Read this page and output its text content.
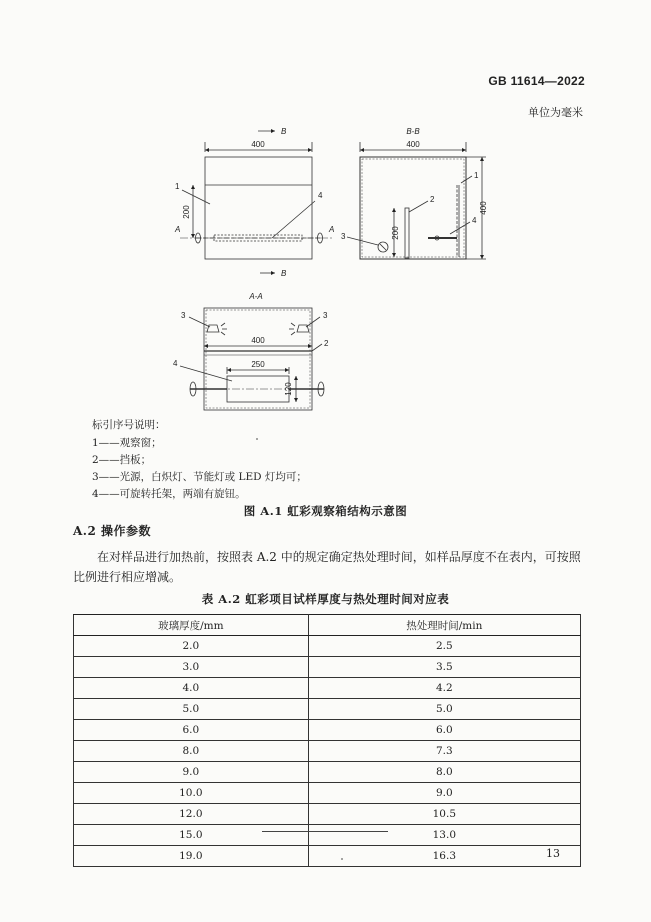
GB 11614—2022
单位为毫米
B
400
200
A	A
1
4
B
B-B
400
400
200
1
2
3
4
A-A
400
250
120
3	3
2
4
标引序号说明：
1——观察窗；
2——挡板；
3——光源，白炽灯、节能灯或 LED 灯均可；
4——可旋转托架，两端有旋钮。
图 A.1 虹彩观察箱结构示意图
A.2 操作参数
在对样品进行加热前，按照表 A.2 中的规定确定热处理时间，如样品厚度不在表内，可按照比例进行相应增减。
表 A.2 虹彩项目试样厚度与热处理时间对应表
玻璃厚度/mm	热处理时间/min
2.0	2.5
3.0	3.5
4.0	4.2
5.0	5.0
6.0	6.0
8.0	7.3
9.0	8.0
10.0	9.0
12.0	10.5
15.0	13.0
19.0	16.3	13
